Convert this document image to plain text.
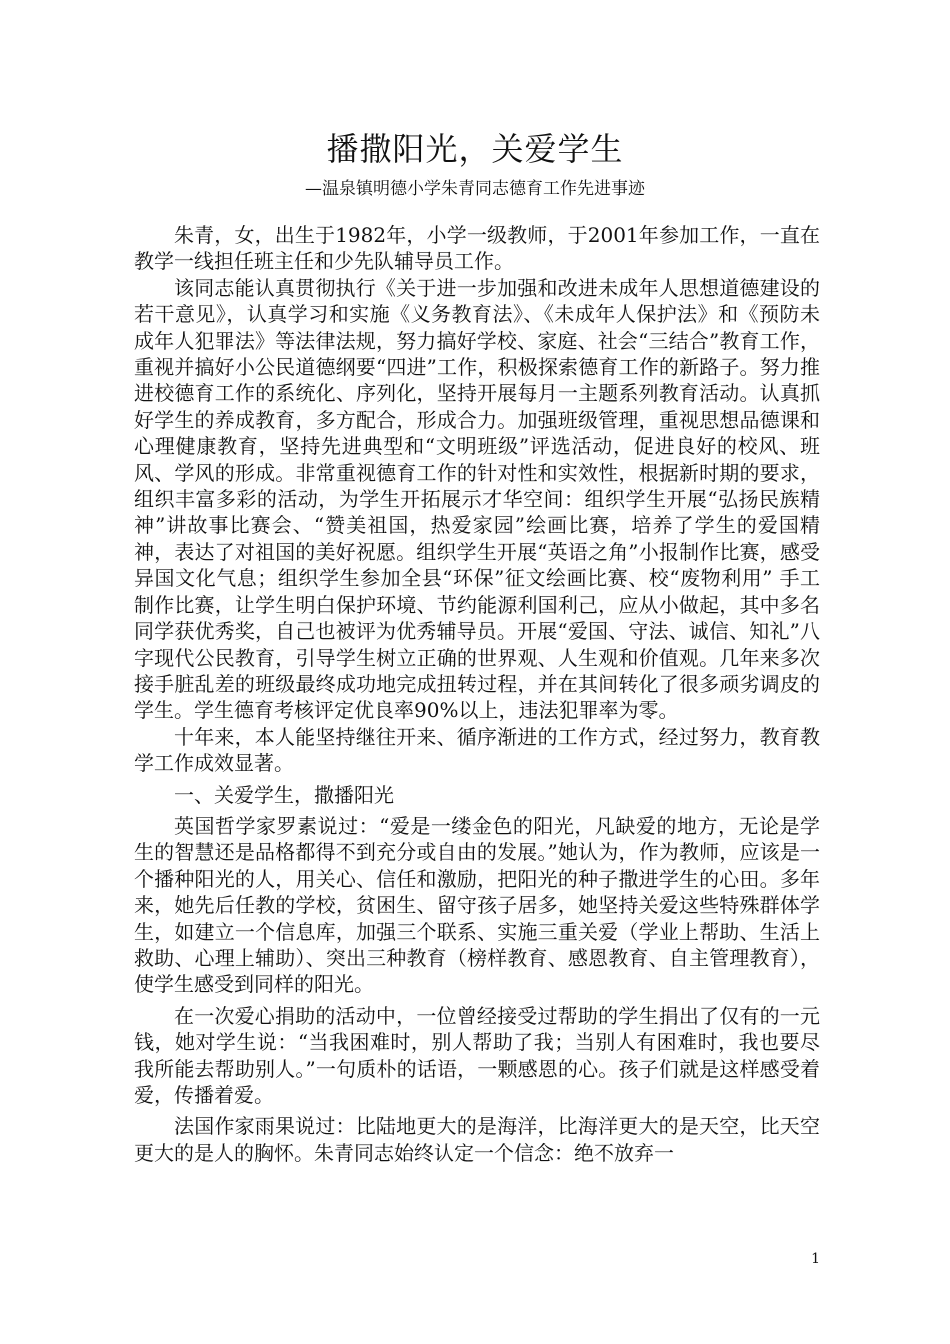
播撒阳光，关爱学生
—温泉镇明德小学朱青同志德育工作先进事迹

朱青，女，出生于1982年，小学一级教师，于2001年参加工作，一直在教学一线担任班主任和少先队辅导员工作。

该同志能认真贯彻执行《关于进一步加强和改进未成年人思想道德建设的若干意见》，认真学习和实施《义务教育法》、《未成年人保护法》和《预防未成年人犯罪法》等法律法规，努力搞好学校、家庭、社会“三结合”教育工作，重视并搞好小公民道德纲要“四进”工作，积极探索德育工作的新路子。努力推进校德育工作的系统化、序列化，坚持开展每月一主题系列教育活动。认真抓好学生的养成教育，多方配合，形成合力。加强班级管理，重视思想品德课和心理健康教育，坚持先进典型和“文明班级”评选活动，促进良好的校风、班风、学风的形成。非常重视德育工作的针对性和实效性，根据新时期的要求，组织丰富多彩的活动，为学生开拓展示才华空间：组织学生开展“弘扬民族精神”讲故事比赛会、“赞美祖国，热爱家园”绘画比赛，培养了学生的爱国精神，表达了对祖国的美好祝愿。组织学生开展“英语之角”小报制作比赛，感受异国文化气息；组织学生参加全县“环保”征文绘画比赛、校“废物利用” 手工制作比赛，让学生明白保护环境、节约能源利国利己，应从小做起，其中多名同学获优秀奖，自己也被评为优秀辅导员。开展“爱国、守法、诚信、知礼”八字现代公民教育，引导学生树立正确的世界观、人生观和价值观。几年来多次接手脏乱差的班级最终成功地完成扭转过程，并在其间转化了很多顽劣调皮的学生。学生德育考核评定优良率90%以上，违法犯罪率为零。

十年来，本人能坚持继往开来、循序渐进的工作方式，经过努力，教育教学工作成效显著。

一、关爱学生，撒播阳光

英国哲学家罗素说过：“爱是一缕金色的阳光，凡缺爱的地方，无论是学生的智慧还是品格都得不到充分或自由的发展。”她认为，作为教师，应该是一个播种阳光的人，用关心、信任和激励，把阳光的种子撒进学生的心田。多年来，她先后任教的学校，贫困生、留守孩子居多，她坚持关爱这些特殊群体学生，如建立一个信息库，加强三个联系、实施三重关爱（学业上帮助、生活上救助、心理上辅助）、突出三种教育（榜样教育、感恩教育、自主管理教育），使学生感受到同样的阳光。

在一次爱心捐助的活动中，一位曾经接受过帮助的学生捐出了仅有的一元钱，她对学生说：“当我困难时，别人帮助了我；当别人有困难时，我也要尽我所能去帮助别人。”一句质朴的话语，一颗感恩的心。孩子们就是这样感受着爱，传播着爱。

法国作家雨果说过：比陆地更大的是海洋，比海洋更大的是天空，比天空更大的是人的胸怀。朱青同志始终认定一个信念：绝不放弃一

1
